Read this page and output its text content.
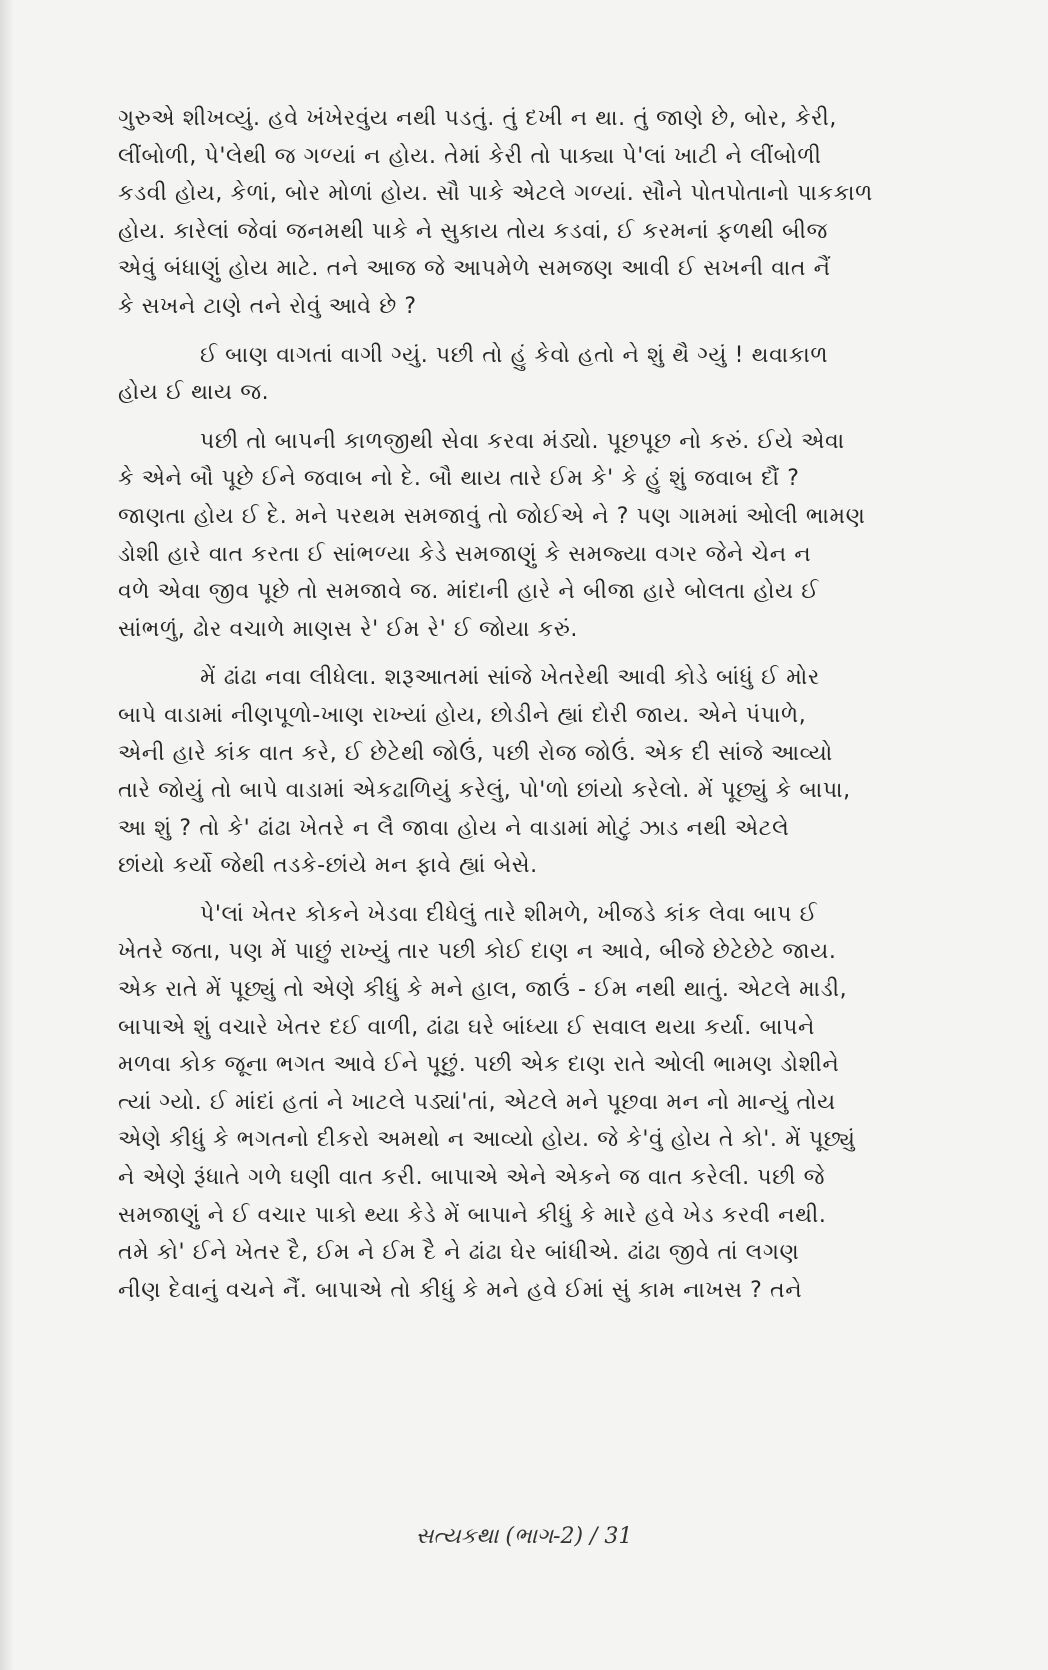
ગુરુએ શીખવ્યું. હવે ખંખેરવુંય નથી પડતું. તું દખી ન થા. તું જાણે છે, બોર, કેરી,
લીંબોળી, પે'લેથી જ ગળ્યાં ન હોય. તેમાં કેરી તો પાક્યા પે'લાં ખાટી ને લીંબોળી
કડવી હોય, કેળાં, બોર મોળાં હોય. સૌ પાકે એટલે ગળ્યાં. સૌને પોતપોતાનો પાકકાળ
હોય. કારેલાં જેવાં જનમથી પાકે ને સુકાય તોય કડવાં, ઈ કરમનાં ફળથી બીજ
એવું બંધાણું હોય માટે. તને આજ જે આપમેળે સમજણ આવી ઈ સખની વાત નૈં
કે સખને ટાણે તને રોવું આવે છે ?
ઈ બાણ વાગતાં વાગી ગ્યું. પછી તો હું કેવો હતો ને શું થૈ ગ્યું ! થવાકાળ
હોય ઈ થાય જ.
પછી તો બાપની કાળજીથી સેવા કરવા મંડ્યો. પૂછપૂછ નો કરું. ઈયે એવા
કે એને બૌ પૂછે ઈને જવાબ નો દે. બૌ થાય તારે ઈમ કે' કે હું શું જવાબ દૌં ?
જાણતા હોય ઈ દે. મને પરથમ સમજાવું તો જોઈએ ને ? પણ ગામમાં ઓલી ભામણ
ડોશી હારે વાત કરતા ઈ સાંભળ્યા કેડે સમજાણું કે સમજ્યા વગર જેને ચેન ન
વળે એવા જીવ પૂછે તો સમજાવે જ. માંદાની હારે ને બીજા હારે બોલતા હોય ઈ
સાંભળું, ઢોર વચાળે માણસ રે' ઈમ રે' ઈ જોયા કરું.
મેં ઢાંઢા નવા લીધેલા. શરૂઆતમાં સાંજે ખેતરેથી આવી કોડે બાંધું ઈ મોર
બાપે વાડામાં નીણપૂળો-ખાણ રાખ્યાં હોય, છોડીને હ્યાં દોરી જાય. એને પંપાળે,
એની હારે કાંક વાત કરે, ઈ છેટેથી જોઉં, પછી રોજ જોઉં. એક દી સાંજે આવ્યો
તારે જોયું તો બાપે વાડામાં એકઢાળિયું કરેલું, પો'ળો છાંયો કરેલો. મેં પૂછ્યું કે બાપા,
આ શું ? તો કે' ઢાંઢા ખેતરે ન લૈ જાવા હોય ને વાડામાં મોટું ઝાડ નથી એટલે
છાંયો કર્યો જેથી તડકે-છાંયે મન ફાવે હ્યાં બેસે.
પે'લાં ખેતર કોકને ખેડવા દીધેલું તારે શીમળે, ખીજડે કાંક લેવા બાપ ઈ
ખેતરે જતા, પણ મેં પાછું રાખ્યું તાર પછી કોઈ દાણ ન આવે, બીજે છેટેછેટે જાય.
એક રાતે મેં પૂછ્યું તો એણે કીધું કે મને હાલ, જાઉં - ઈમ નથી થાતું. એટલે માડી,
બાપાએ શું વચારે ખેતર દઈ વાળી, ઢાંઢા ઘરે બાંધ્યા ઈ સવાલ થયા કર્યા. બાપને
મળવા કોક જૂના ભગત આવે ઈને પૂછું. પછી એક દાણ રાતે ઓલી ભામણ ડોશીને
ત્યાં ગ્યો. ઈ માંદાં હતાં ને ખાટલે પડ્યાં'તાં, એટલે મને પૂછવા મન નો માન્યું તોય
એણે કીધું કે ભગતનો દીકરો અમથો ન આવ્યો હોય. જે કે'વું હોય તે કો'. મેં પૂછ્યું
ને એણે રૂંધાતે ગળે ઘણી વાત કરી. બાપાએ એને એકને જ વાત કરેલી. પછી જે
સમજાણું ને ઈ વચાર પાકો થ્યા કેડે મેં બાપાને કીધું કે મારે હવે ખેડ કરવી નથી.
તમે કો' ઈને ખેતર દૈ, ઈમ ને ઈમ દૈ ને ઢાંઢા ઘેર બાંધીએ. ઢાંઢા જીવે તાં લગણ
નીણ દેવાનું વચને નૈં. બાપાએ તો કીધું કે મને હવે ઈમાં સું કામ નાખસ ? તને
સત્યકથા (ભાગ-2) / 31
